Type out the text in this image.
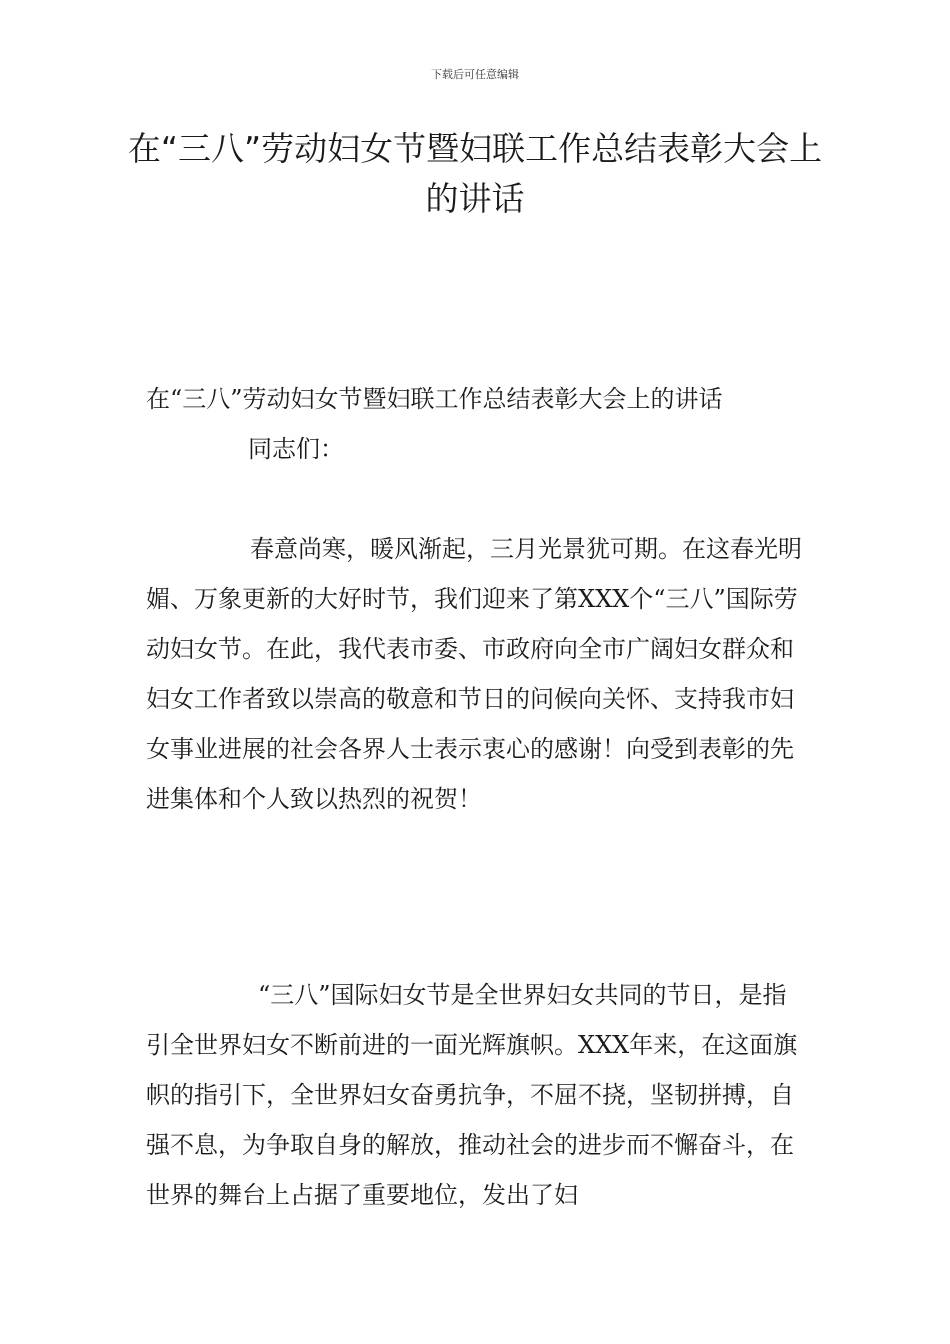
下载后可任意编辑
在“三八”劳动妇女节暨妇联工作总结表彰大会上的讲话

在“三八”劳动妇女节暨妇联工作总结表彰大会上的讲话

同志们：

春意尚寒，暖风渐起，三月光景犹可期。在这春光明媚、万象更新的大好时节，我们迎来了第XXX个“三八”国际劳动妇女节。在此，我代表市委、市政府向全市广阔妇女群众和妇女工作者致以崇高的敬意和节日的问候向关怀、支持我市妇女事业进展的社会各界人士表示衷心的感谢！向受到表彰的先进集体和个人致以热烈的祝贺！

“三八”国际妇女节是全世界妇女共同的节日，是指引全世界妇女不断前进的一面光辉旗帜。XXX年来，在这面旗帜的指引下，全世界妇女奋勇抗争，不屈不挠，坚韧拼搏，自强不息，为争取自身的解放，推动社会的进步而不懈奋斗，在世界的舞台上占据了重要地位，发出了妇
